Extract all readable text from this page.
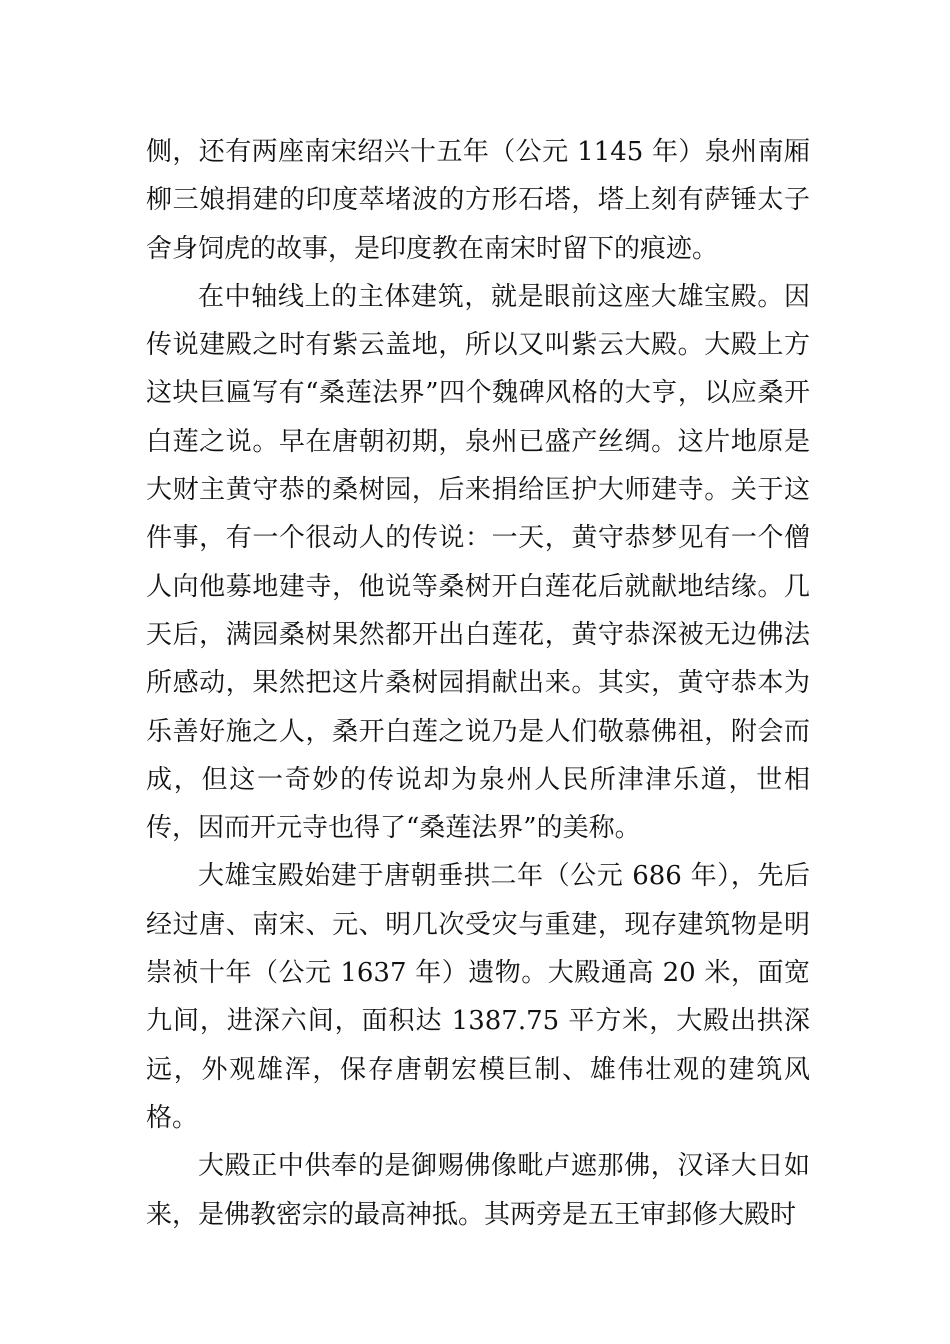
侧，还有两座南宋绍兴十五年（公元 1145 年）泉州南厢柳三娘捐建的印度萃堵波的方形石塔，塔上刻有萨锤太子舍身饲虎的故事，是印度教在南宋时留下的痕迹。

在中轴线上的主体建筑，就是眼前这座大雄宝殿。因传说建殿之时有紫云盖地，所以又叫紫云大殿。大殿上方这块巨匾写有“桑莲法界”四个魏碑风格的大亨，以应桑开白莲之说。早在唐朝初期，泉州已盛产丝绸。这片地原是大财主黄守恭的桑树园，后来捐给匡护大师建寺。关于这件事，有一个很动人的传说：一天，黄守恭梦见有一个僧人向他募地建寺，他说等桑树开白莲花后就献地结缘。几天后，满园桑树果然都开出白莲花，黄守恭深被无边佛法所感动，果然把这片桑树园捐献出来。其实，黄守恭本为乐善好施之人，桑开白莲之说乃是人们敬慕佛祖，附会而成，但这一奇妙的传说却为泉州人民所津津乐道，世相传，因而开元寺也得了“桑莲法界”的美称。

大雄宝殿始建于唐朝垂拱二年（公元 686 年），先后经过唐、南宋、元、明几次受灾与重建，现存建筑物是明崇祯十年（公元 1637 年）遗物。大殿通高 20 米，面宽九间，进深六间，面积达 1387.75 平方米，大殿出拱深远，外观雄浑，保存唐朝宏模巨制、雄伟壮观的建筑风格。

大殿正中供奉的是御赐佛像毗卢遮那佛，汉译大日如来，是佛教密宗的最高神抵。其两旁是五王审邽修大殿时
